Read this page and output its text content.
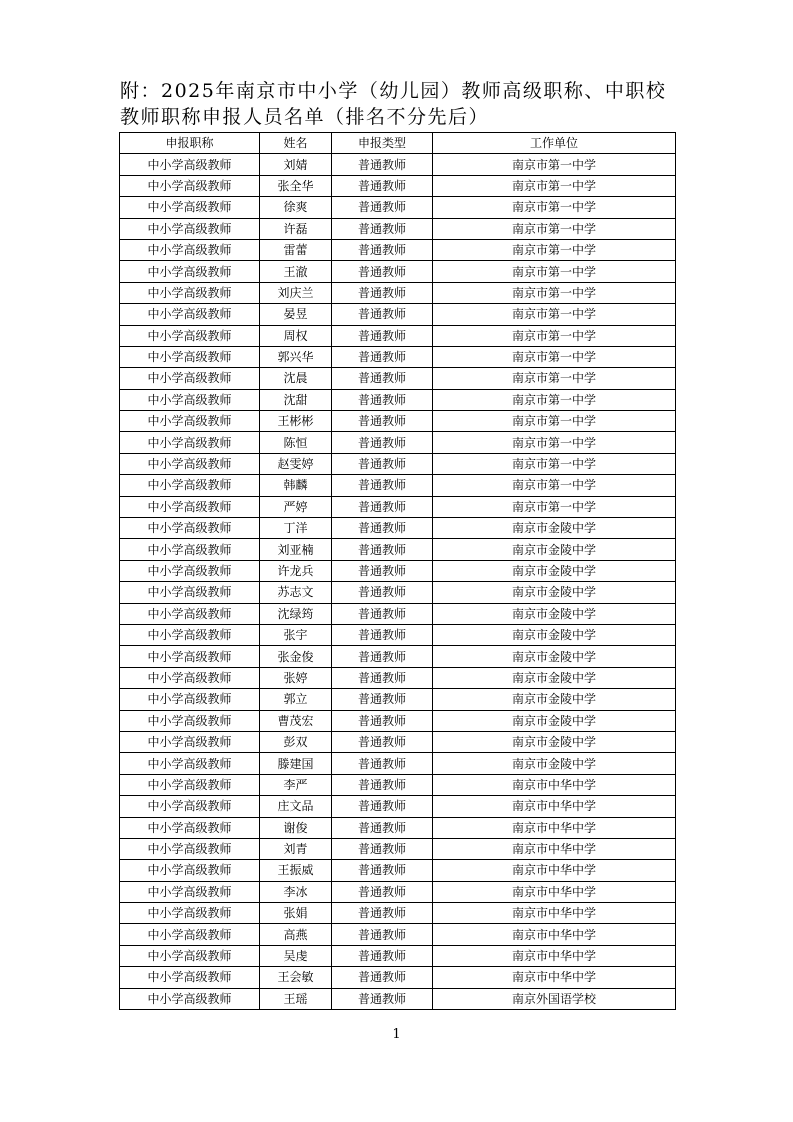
附：2025年南京市中小学（幼儿园）教师高级职称、中职校
教师职称申报人员名单（排名不分先后）
申报职称	姓名	申报类型	工作单位
中小学高级教师	刘婧	普通教师	南京市第一中学
中小学高级教师	张全华	普通教师	南京市第一中学
中小学高级教师	徐爽	普通教师	南京市第一中学
中小学高级教师	许磊	普通教师	南京市第一中学
中小学高级教师	雷蕾	普通教师	南京市第一中学
中小学高级教师	王澈	普通教师	南京市第一中学
中小学高级教师	刘庆兰	普通教师	南京市第一中学
中小学高级教师	晏昱	普通教师	南京市第一中学
中小学高级教师	周权	普通教师	南京市第一中学
中小学高级教师	郭兴华	普通教师	南京市第一中学
中小学高级教师	沈晨	普通教师	南京市第一中学
中小学高级教师	沈甜	普通教师	南京市第一中学
中小学高级教师	王彬彬	普通教师	南京市第一中学
中小学高级教师	陈恒	普通教师	南京市第一中学
中小学高级教师	赵雯婷	普通教师	南京市第一中学
中小学高级教师	韩麟	普通教师	南京市第一中学
中小学高级教师	严婷	普通教师	南京市第一中学
中小学高级教师	丁洋	普通教师	南京市金陵中学
中小学高级教师	刘亚楠	普通教师	南京市金陵中学
中小学高级教师	许龙兵	普通教师	南京市金陵中学
中小学高级教师	苏志文	普通教师	南京市金陵中学
中小学高级教师	沈绿筠	普通教师	南京市金陵中学
中小学高级教师	张宇	普通教师	南京市金陵中学
中小学高级教师	张金俊	普通教师	南京市金陵中学
中小学高级教师	张婷	普通教师	南京市金陵中学
中小学高级教师	郭立	普通教师	南京市金陵中学
中小学高级教师	曹茂宏	普通教师	南京市金陵中学
中小学高级教师	彭双	普通教师	南京市金陵中学
中小学高级教师	滕建国	普通教师	南京市金陵中学
中小学高级教师	李严	普通教师	南京市中华中学
中小学高级教师	庄文品	普通教师	南京市中华中学
中小学高级教师	谢俊	普通教师	南京市中华中学
中小学高级教师	刘青	普通教师	南京市中华中学
中小学高级教师	王振威	普通教师	南京市中华中学
中小学高级教师	李冰	普通教师	南京市中华中学
中小学高级教师	张娟	普通教师	南京市中华中学
中小学高级教师	高燕	普通教师	南京市中华中学
中小学高级教师	吴虔	普通教师	南京市中华中学
中小学高级教师	王会敏	普通教师	南京市中华中学
中小学高级教师	王瑶	普通教师	南京外国语学校
1
